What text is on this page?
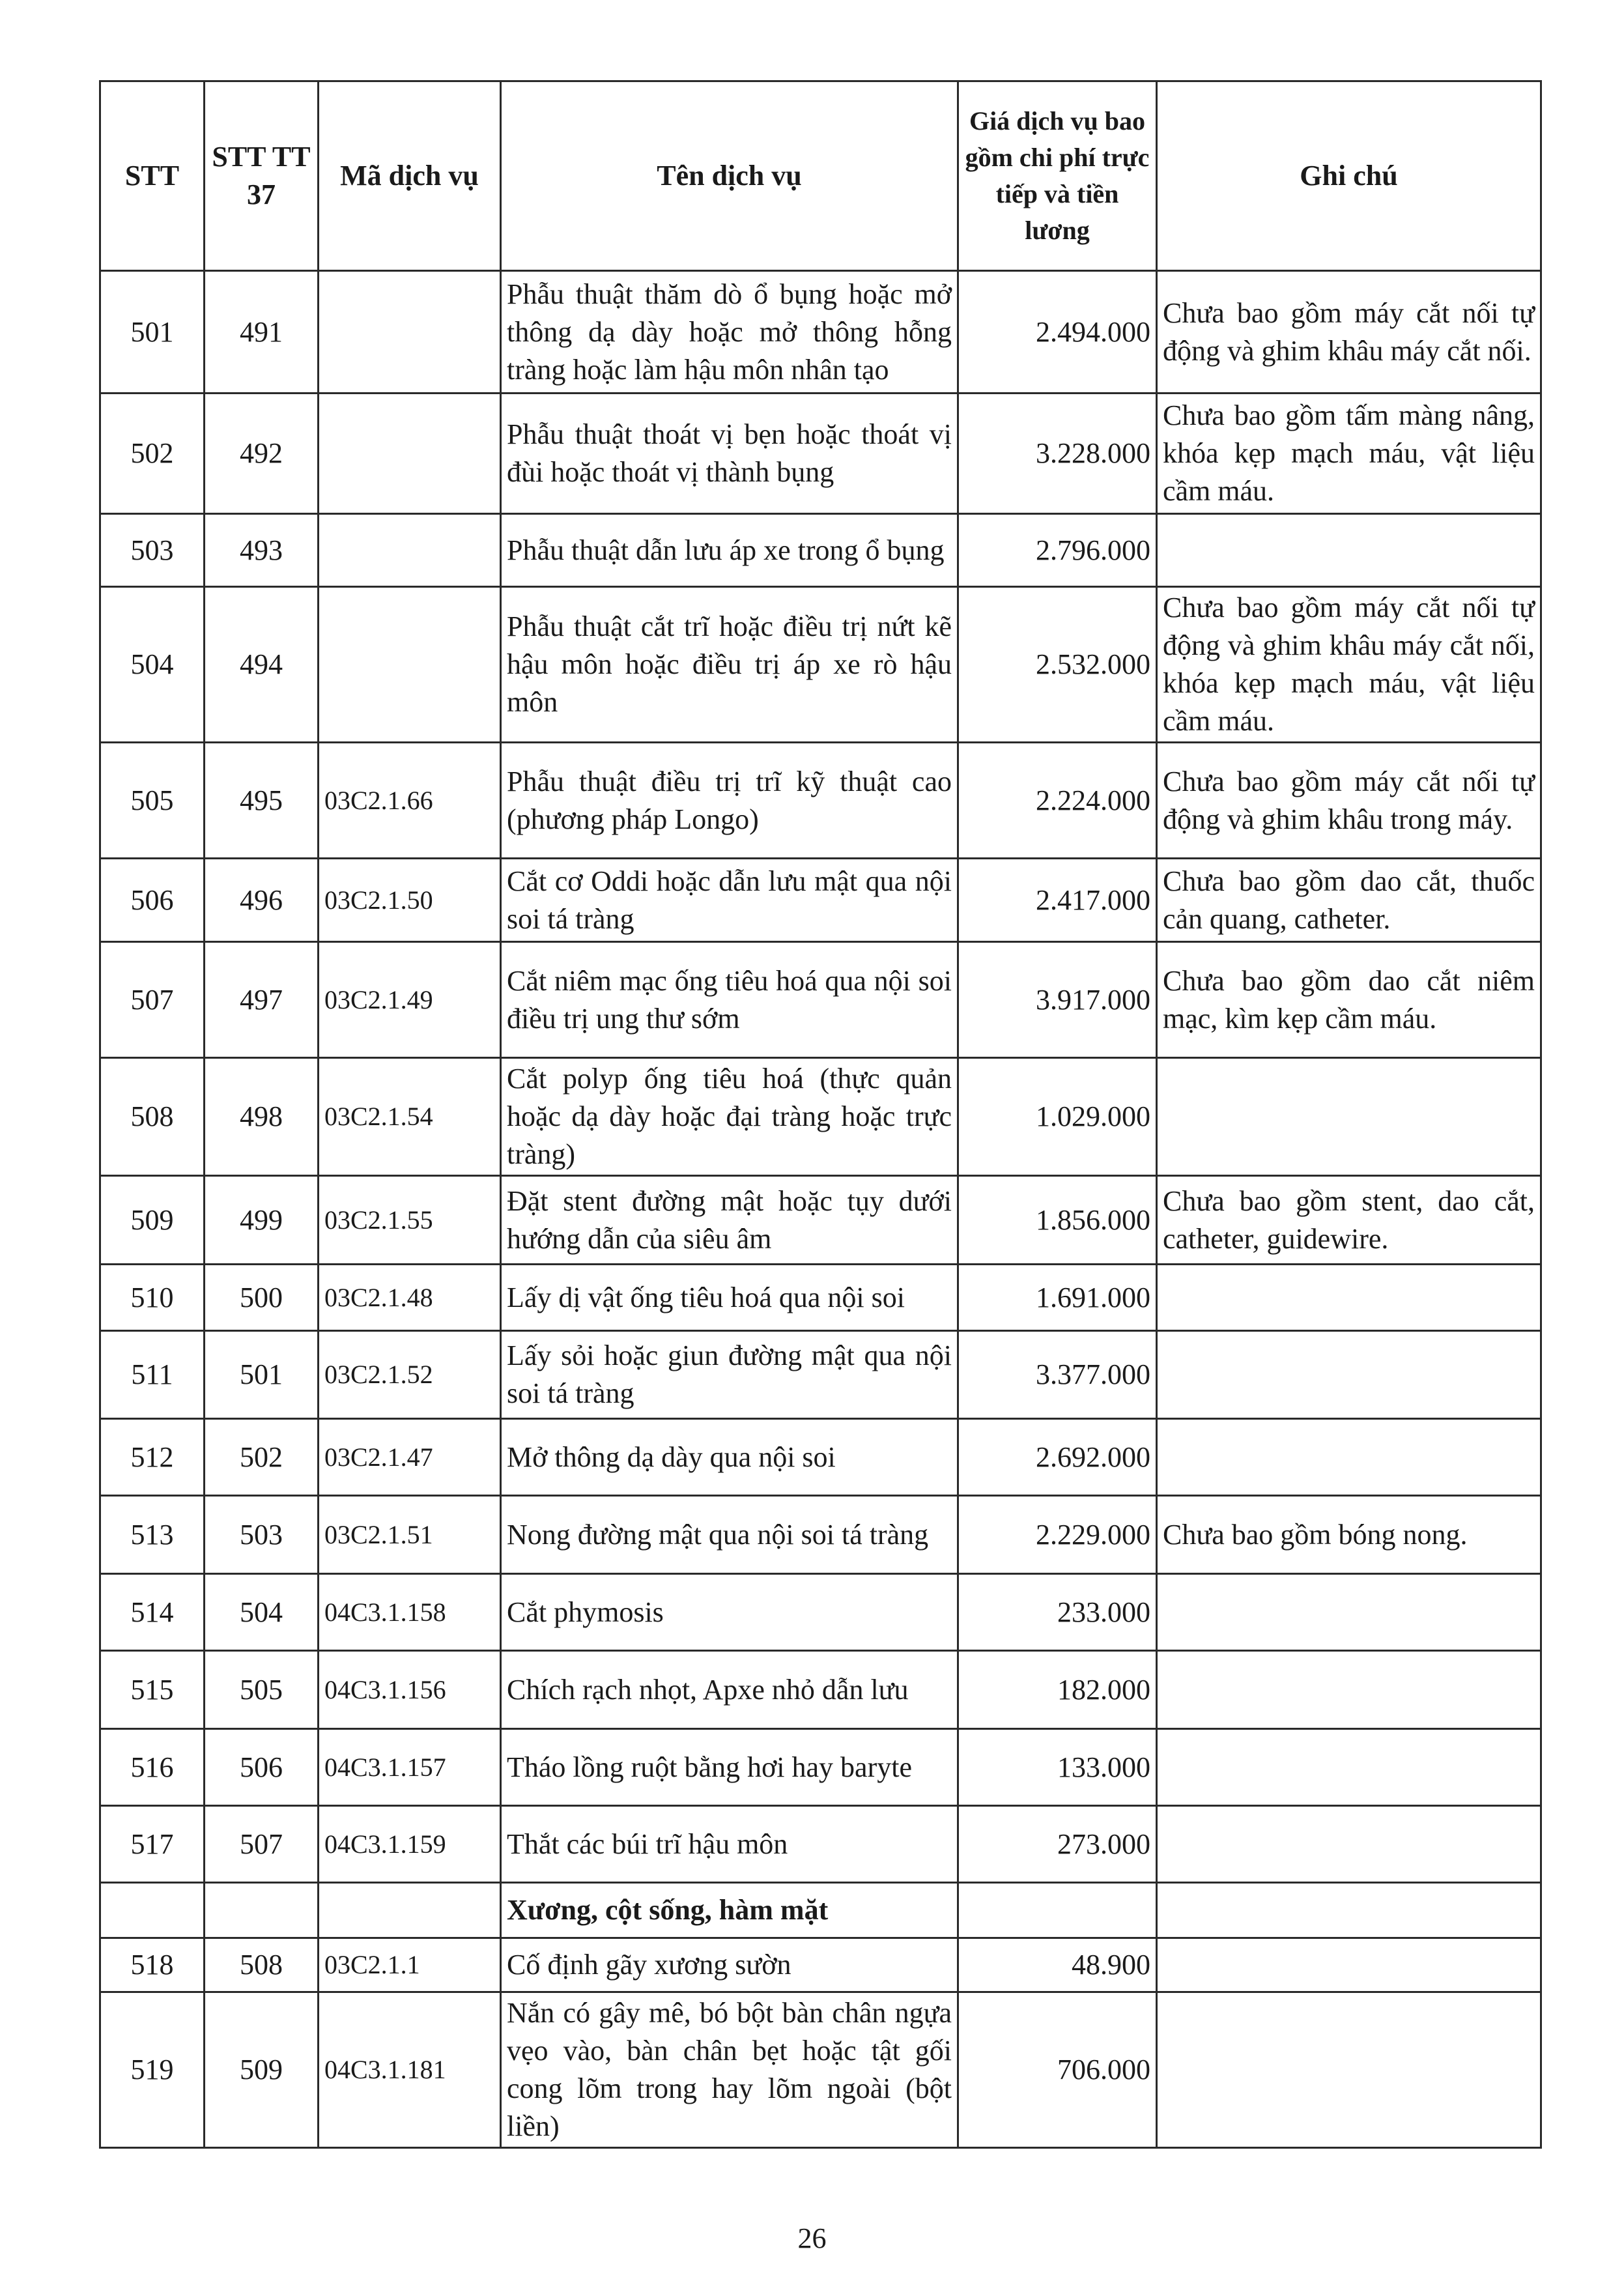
STT	STT TT 37	Mã dịch vụ	Tên dịch vụ	Giá dịch vụ bao gồm chi phí trực tiếp và tiền lương	Ghi chú
501	491		Phẫu thuật thăm dò ổ bụng hoặc mở thông dạ dày hoặc mở thông hỗng tràng hoặc làm hậu môn nhân tạo	2.494.000	Chưa bao gồm máy cắt nối tự động và ghim khâu máy cắt nối.
502	492		Phẫu thuật thoát vị bẹn hoặc thoát vị đùi hoặc thoát vị thành bụng	3.228.000	Chưa bao gồm tấm màng nâng, khóa kẹp mạch máu, vật liệu cầm máu.
503	493		Phẫu thuật dẫn lưu áp xe trong ổ bụng	2.796.000	
504	494		Phẫu thuật cắt trĩ hoặc điều trị nứt kẽ hậu môn hoặc điều trị áp xe rò hậu môn	2.532.000	Chưa bao gồm máy cắt nối tự động và ghim khâu máy cắt nối, khóa kẹp mạch máu, vật liệu cầm máu.
505	495	03C2.1.66	Phẫu thuật điều trị trĩ kỹ thuật cao (phương pháp Longo)	2.224.000	Chưa bao gồm máy cắt nối tự động và ghim khâu trong máy.
506	496	03C2.1.50	Cắt cơ Oddi hoặc dẫn lưu mật qua nội soi tá tràng	2.417.000	Chưa bao gồm dao cắt, thuốc cản quang, catheter.
507	497	03C2.1.49	Cắt niêm mạc ống tiêu hoá qua nội soi điều trị ung thư sớm	3.917.000	Chưa bao gồm dao cắt niêm mạc, kìm kẹp cầm máu.
508	498	03C2.1.54	Cắt polyp ống tiêu hoá (thực quản hoặc dạ dày hoặc đại tràng hoặc trực tràng)	1.029.000	
509	499	03C2.1.55	Đặt stent đường mật hoặc tụy dưới hướng dẫn của siêu âm	1.856.000	Chưa bao gồm stent, dao cắt, catheter, guidewire.
510	500	03C2.1.48	Lấy dị vật ống tiêu hoá qua nội soi	1.691.000	
511	501	03C2.1.52	Lấy sỏi hoặc giun đường mật qua nội soi tá tràng	3.377.000	
512	502	03C2.1.47	Mở thông dạ dày qua nội soi	2.692.000	
513	503	03C2.1.51	Nong đường mật qua nội soi tá tràng	2.229.000	Chưa bao gồm bóng nong.
514	504	04C3.1.158	Cắt phymosis	233.000	
515	505	04C3.1.156	Chích rạch nhọt, Apxe nhỏ dẫn lưu	182.000	
516	506	04C3.1.157	Tháo lồng ruột bằng hơi hay baryte	133.000	
517	507	04C3.1.159	Thắt các búi trĩ hậu môn	273.000	
			Xương, cột sống, hàm mặt		
518	508	03C2.1.1	Cố định gãy xương sườn	48.900	
519	509	04C3.1.181	Nắn có gây mê, bó bột bàn chân ngựa vẹo vào, bàn chân bẹt hoặc tật gối cong lõm trong hay lõm ngoài (bột liền)	706.000	
26
